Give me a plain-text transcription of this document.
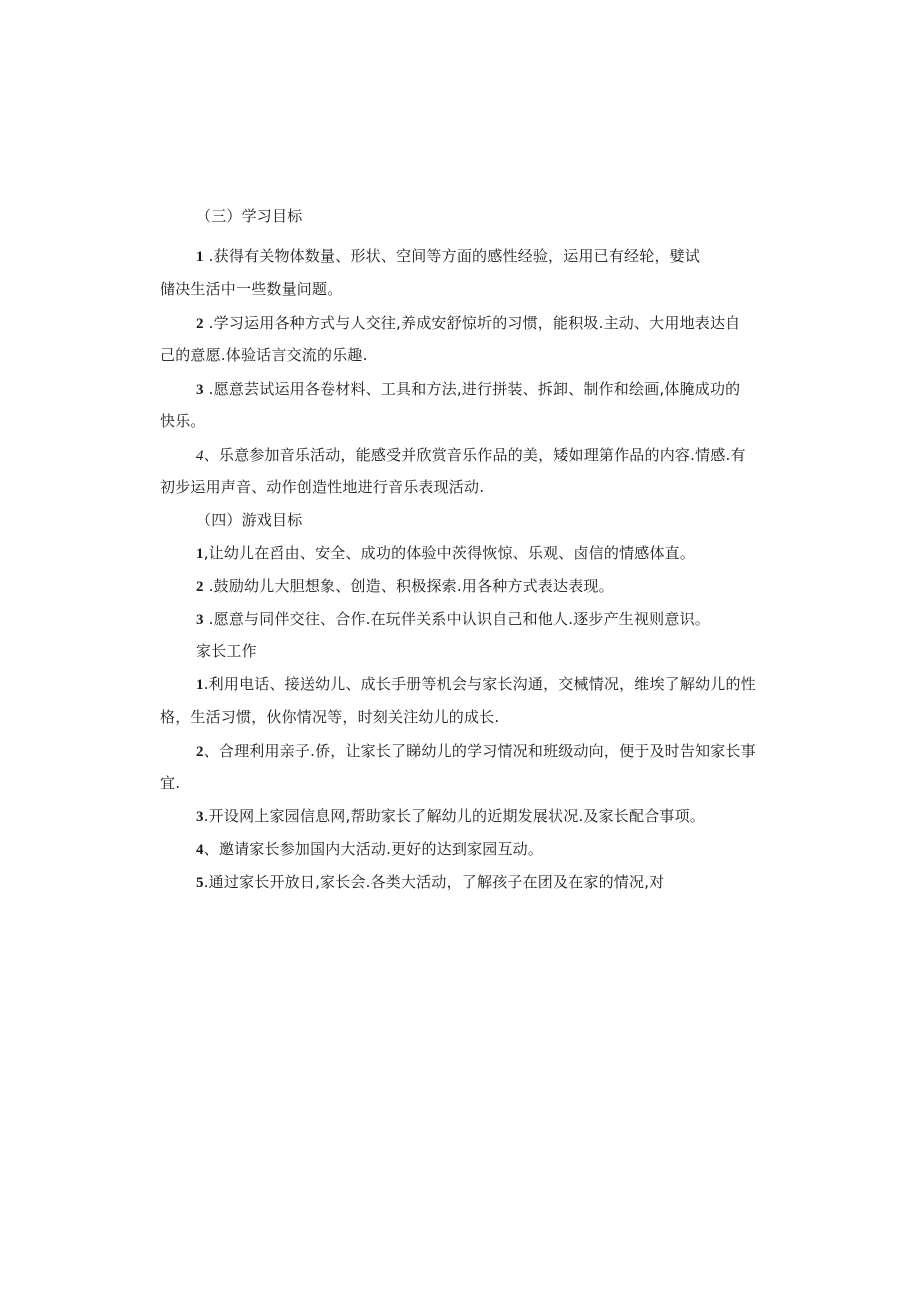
（三）学习目标
1 .获得有关物体数量、形状、空间等方面的感性经验，运用已有经轮，嬖试
储决生活中一些数量问题。
2 .学习运用各种方式与人交往,养成安舒惊圻的习惯，能积圾.主动、大用地表达自
己的意愿.体验话言交流的乐趣.
3 .愿意芸试运用各卷材料、工具和方法,进行拼装、拆卸、制作和绘画,体腌成功的
快乐。
4、乐意参加音乐活动，能感受并欣赏音乐作品的美，矮如理第作品的内容.情感.有
初步运用声音、动作创造性地进行音乐表现活动.
（四）游戏目标
1,让幼儿在舀由、安全、成功的体验中茨得恢惊、乐观、卤信的情感体直。
2 .鼓励幼儿大胆想象、创造、积极探索.用各种方式表达表现。
3 .愿意与同伴交往、合作.在玩伴关系中认识自己和他人.逐步产生视则意识。
家长工作
1.利用电话、接送幼儿、成长手册等机会与家长沟通，交械情况，维埃了解幼儿的性
格，生活习惯，伙你情况等，时刻关注幼儿的成长.
2、合理利用亲子.侨，让家长了睇幼儿的学习情况和班级动向，便于及时告知家长事
宜.
3.开设网上家园信息网,帮助家长了解幼儿的近期发展状况.及家长配合事项。
4、邀请家长参加国内大活动.更好的达到家园互动。
5.通过家长开放日,家长会.各类大活动，了解孩子在团及在家的情况,对
